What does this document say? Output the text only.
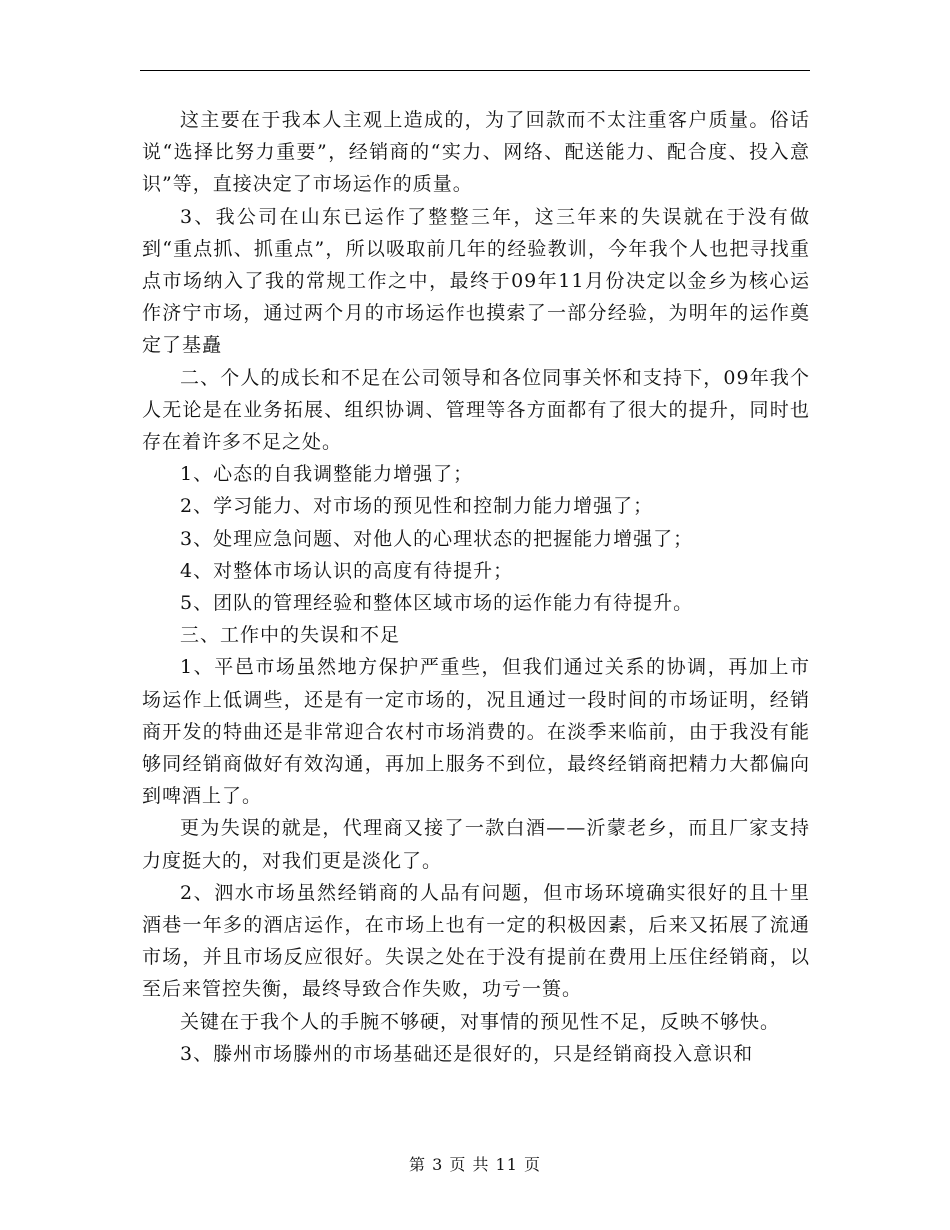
这主要在于我本人主观上造成的，为了回款而不太注重客户质量。俗话说“选择比努力重要”，经销商的“实力、网络、配送能力、配合度、投入意识”等，直接决定了市场运作的质量。

3、我公司在山东已运作了整整三年，这三年来的失误就在于没有做到“重点抓、抓重点”，所以吸取前几年的经验教训，今年我个人也把寻找重点市场纳入了我的常规工作之中，最终于09年11月份决定以金乡为核心运作济宁市场，通过两个月的市场运作也摸索了一部分经验，为明年的运作奠定了基矗

二、个人的成长和不足在公司领导和各位同事关怀和支持下，09年我个人无论是在业务拓展、组织协调、管理等各方面都有了很大的提升，同时也存在着许多不足之处。

1、心态的自我调整能力增强了；

2、学习能力、对市场的预见性和控制力能力增强了；

3、处理应急问题、对他人的心理状态的把握能力增强了；

4、对整体市场认识的高度有待提升；

5、团队的管理经验和整体区域市场的运作能力有待提升。

三、工作中的失误和不足

1、平邑市场虽然地方保护严重些，但我们通过关系的协调，再加上市场运作上低调些，还是有一定市场的，况且通过一段时间的市场证明，经销商开发的特曲还是非常迎合农村市场消费的。在淡季来临前，由于我没有能够同经销商做好有效沟通，再加上服务不到位，最终经销商把精力大都偏向到啤酒上了。

更为失误的就是，代理商又接了一款白酒——沂蒙老乡，而且厂家支持力度挺大的，对我们更是淡化了。

2、泗水市场虽然经销商的人品有问题，但市场环境确实很好的且十里酒巷一年多的酒店运作，在市场上也有一定的积极因素，后来又拓展了流通市场，并且市场反应很好。失误之处在于没有提前在费用上压住经销商，以至后来管控失衡，最终导致合作失败，功亏一篑。

关键在于我个人的手腕不够硬，对事情的预见性不足，反映不够快。

3、滕州市场滕州的市场基础还是很好的，只是经销商投入意识和

第 3 页 共 11 页
